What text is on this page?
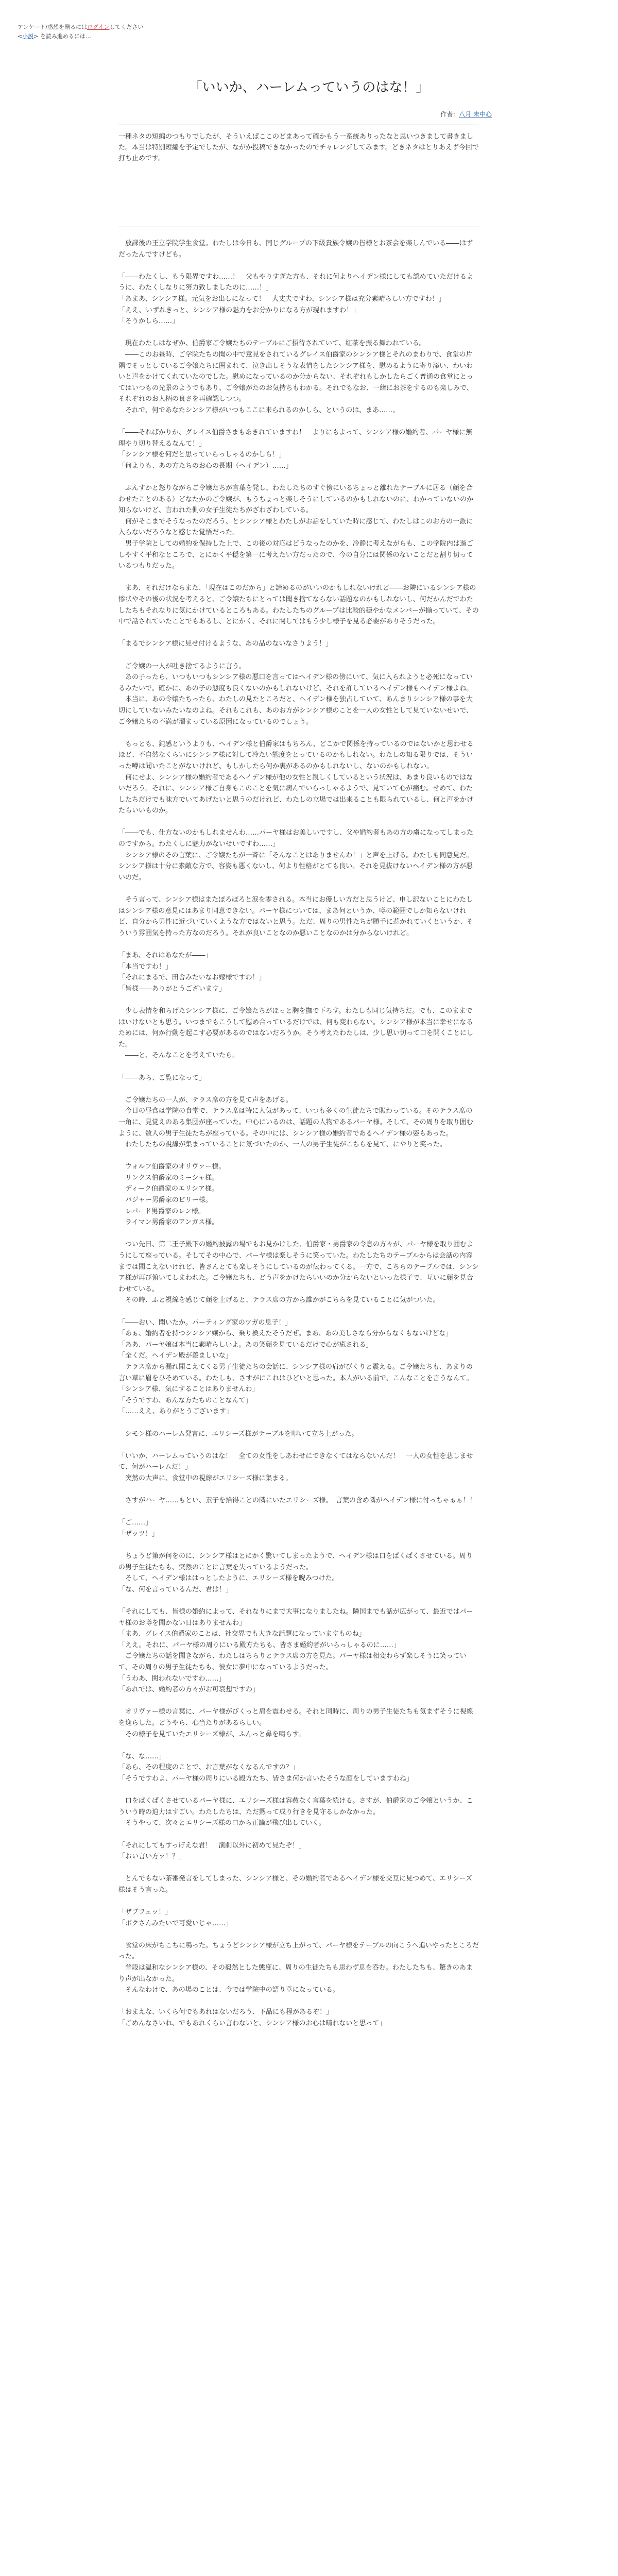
アンケート/感想を贈るにはログインしてください
<小説> を読み進めるには…
「いいか、ハーレムっていうのはな！」
作者：八月 未中心

一種ネタの短編のつもりでしたが、そういえばここのどまあって確かもう一系統ありったなと思いつきまして書きました。本当は特別短編を予定でしたが、ながか投稿できなかったのでチャレンジしてみます。どきネタはとりあえず今回で打ち止めです。

　放課後の王立学院学生食堂。わたしは今日も、同じグループの下級貴族令嬢の皆様とお茶会を楽しんでいる――はずだったんですけども。

「――わたくし、もう限界ですわ……！　父もやりすぎた方も、それに何よりヘイデン様にしても認めていただけるように、わたくしなりに努力致しましたのに……！」
「あまあ、シンシア様。元気をお出しになって！　大丈夫ですわ、シンシア様は充分素晴らしい方ですわ！」
「ええ、いずれきっと、シンシア様の魅力をお分かりになる方が現れますわ！」
「そうかしら……」

　現在わたしはなぜか、伯爵家ご令嬢たちのテーブルにご招待されていて、紅茶を振る舞われている。
　――このお昼時、ご学院たちの聞の中で意見をされているグレイス伯爵家のシンシア様とそれのまわりで、食堂の片隅でそっとしているご令嬢たちに囲まれて、泣き出しそうな表情をしたシンシア様を、慰めるように寄り添い、わいわいと声をかけてくれていたのでした。慰めになっているのか分からない、それぞれもしかしたらごく普通の食堂にとってはいつもの光景のようでもあり、ご令嬢がたのお気持ちもわかる。それでもなお、一緒にお茶をするのも楽しみで、それぞれのお人柄の良さを再確認しつつ。
　それで、何であなたシンシア様がいつもここに来られるのかしら、というのは、まあ……。

「――そればかりか、グレイス伯爵さまもあきれていますわ！　よりにもよって、シンシア様の婚約者、パーヤ様に無理やり切り替えるなんて！」
「シンシア様を何だと思っていらっしゃるのかしら！」
「何よりも、あの方たちのお心の長期（ヘイデン）……」

　ぷんすかと怒りながらご令嬢たちが言葉を発し、わたしたちのすぐ傍にいるちょっと離れたテーブルに居る（顔を合わせたことのある）どなたかのご令嬢が、もうちょっと楽しそうにしているのかもしれないのに、わかっていないのか知らないけど、言われた側の女子生徒たちがざわざわしている。
　何がそこまでそうなったのだろう、とシンシア様とわたしがお話をしていた時に感じて、わたしはこのお方の一派に入らないだろうなと感じた覚悟だった。
　男子学院としての婚約を保持した上で、この後の対応はどうなったのかを、冷静に考えながらも、この学院内は過ごしやすく平和なところで、とにかく平穏を第一に考えたい方だったので、今の自分には関係のないことだと割り切っているつもりだった。

　まあ、それだけならまた、「現在はこのだから」と諦めるのがいいのかもしれないけれど――お隣にいるシンシア様の惨状やその後の状況を考えると、ご令嬢たちにとっては聞き捨てならない話題なのかもしれないし、何だかんだでわたしたちもそれなりに気にかけているところもある。わたしたちのグループは比較的穏やかなメンバーが揃っていて、その中で話されていたことでもあるし、とにかく、それに関してはもう少し様子を見る必要がありそうだった。

「まるでシンシア様に見せ付けるような、あの品のないなさりよう！」

　ご令嬢の一人が吐き捨てるように言う。
　あの子ったら、いつもいつもシンシア様の悪口を言ってはヘイデン様の傍にいて、気に入られようと必死になっているみたいで。確かに、あの子の態度も良くないのかもしれないけど、それを許しているヘイデン様もヘイデン様よね。
　本当に、あの令嬢たちったら、わたしの見たところだと、ヘイデン様を独占していて、あんまりシンシア様の事を大切にしていないみたいなのよね。それもこれも、あのお方がシンシア様のことを一人の女性として見ていないせいで、ご令嬢たちの不満が溜まっている原因になっているのでしょう。

　もっとも、鈍感というよりも、ヘイデン様と伯爵家はもちろん、どこかで関係を持っているのではないかと思わせるほど、不自然なくらいにシンシア様に対して冷たい態度をとっているのかもしれない。わたしの知る限りでは、そういった噂は聞いたことがないけれど、もしかしたら何か裏があるのかもしれないし、ないのかもしれない。
　何にせよ、シンシア様の婚約者であるヘイデン様が他の女性と親しくしているという状況は、あまり良いものではないだろう。それに、シンシア様ご自身もこのことを気に病んでいらっしゃるようで、見ていて心が痛む。せめて、わたしたちだけでも味方でいてあげたいと思うのだけれど、わたしの立場では出来ることも限られているし、何と声をかけたらいいものか。

「――でも、仕方ないのかもしれませんわ……パーヤ様はお美しいですし、父や婚約者もあの方の虜になってしまったのですから。わたくしに魅力がないせいですわ……」
　シンシア様のその言葉に、ご令嬢たちが一斉に「そんなことはありませんわ！」と声を上げる。わたしも同意見だ。シンシア様は十分に素敵な方で、容姿も悪くないし、何より性格がとても良い。それを見抜けないヘイデン様の方が悪いのだ。

　そう言って、シンシア様はまたぽろぽろと涙を零される。本当にお優しい方だと思うけど、申し訳ないことにわたしはシンシア様の意見にはあまり同意できない。パーヤ様については、まあ何というか、噂の範囲でしか知らないけれど、自分から男性に近づいていくような方ではないと思う。ただ、周りの男性たちが勝手に惹かれていくというか、そういう雰囲気を持った方なのだろう。それが良いことなのか悪いことなのかは分からないけれど。

「まあ、それはあなたが――」
「本当ですわ！」
「それにまるで、田舎みたいなお嫁様ですわ！」
「皆様――ありがとうございます」

　少し表情を和らげたシンシア様に、ご令嬢たちがほっと胸を撫で下ろす。わたしも同じ気持ちだ。でも、このままではいけないとも思う。いつまでもこうして慰め合っているだけでは、何も変わらない。シンシア様が本当に幸せになるためには、何か行動を起こす必要があるのではないだろうか。そう考えたわたしは、少し思い切って口を開くことにした。
　――と、そんなことを考えていたら。

「――あら、ご覧になって」

　ご令嬢たちの一人が、テラス席の方を見て声をあげる。
　今日の昼食は学院の食堂で、テラス席は特に人気があって、いつも多くの生徒たちで賑わっている。そのテラス席の一角に、見覚えのある集団が座っていた。中心にいるのは、話題の人物であるパーヤ様。そして、その周りを取り囲むように、数人の男子生徒たちが座っている。その中には、シンシア様の婚約者であるヘイデン様の姿もあった。
　わたしたちの視線が集まっていることに気づいたのか、一人の男子生徒がこちらを見て、にやりと笑った。

　ウォルフ伯爵家のオリヴァー様。
　リンクス伯爵家のミーシャ様。
　ディーク伯爵家のエリシア様。
　バジャー男爵家のビリー様。
　レパード男爵家のレン様。
　ライマン男爵家のアンガス様。

　つい先日、第二王子殿下の婚約披露の場でもお見かけした、伯爵家・男爵家の令息の方々が、パーヤ様を取り囲むようにして座っている。そしてその中心で、パーヤ様は楽しそうに笑っていた。わたしたちのテーブルからは会話の内容までは聞こえないけれど、皆さんとても楽しそうにしているのが伝わってくる。一方で、こちらのテーブルでは、シンシア様が再び俯いてしまわれた。ご令嬢たちも、どう声をかけたらいいのか分からないといった様子で、互いに顔を見合わせている。
　その時、ふと視線を感じて顔を上げると、テラス席の方から誰かがこちらを見ていることに気がついた。

「――おい、聞いたか。パーティング家のツガの息子！」
「あぁ、婚約者を持つシンシア嬢から、乗り換えたそうだぜ。まあ、あの美しさなら分からなくもないけどな」
「ああ、パーヤ嬢は本当に素晴らしいよ。あの笑顔を見ているだけで心が癒される」
「全くだ。ヘイデン殿が羨ましいな」
　テラス席から漏れ聞こえてくる男子生徒たちの会話に、シンシア様の肩がびくりと震える。ご令嬢たちも、あまりの言い草に眉をひそめている。わたしも、さすがにこれはひどいと思った。本人がいる前で、こんなことを言うなんて。
「シンシア様、気にすることはありませんわ」
「そうですわ、あんな方たちのことなんて」
「……ええ、ありがとうございます」

　シモン様のハーレム発言に、エリシーズ様がテーブルを叩いて立ち上がった。

「いいか、ハーレムっていうのはな！　全ての女性をしあわせにできなくてはならないんだ！　一人の女性を悲しませて、何がハーレムだ！」
　突然の大声に、食堂中の視線がエリシーズ様に集まる。

　さすがハーヤ……もとい、素子を拾得ことの隣にいたエリシーズ様。　言葉の含め隣がヘイデン様に付っちゃぁぁ！！

「ご……」
「ザッツ！」

　ちょうど第が何をのに、シンシア様はとにかく驚いてしまったようで、ヘイデン様は口をぱくぱくさせている。周りの男子生徒たちも、突然のことに言葉を失っているようだった。
　そして、ヘイデン様ははっとしたように、エリシーズ様を睨みつけた。
「な、何を言っているんだ、君は！」

「それにしても、皆様の婚約によって、それなりにまで大事になりましたね。隣国までも話が広がって、最近ではパーヤ様のお噂を聞かない日はありませんわ」
「まあ、グレイス伯爵家のことは、社交界でも大きな話題になっていますものね」
「ええ。それに、パーヤ様の周りにいる殿方たちも、皆さま婚約者がいらっしゃるのに……」
　ご令嬢たちの話を聞きながら、わたしはちらりとテラス席の方を見た。パーヤ様は相変わらず楽しそうに笑っていて、その周りの男子生徒たちも、彼女に夢中になっているようだった。
「うわあ、関われないですわ……」
「あれでは、婚約者の方々がお可哀想ですわ」

　オリヴァー様の言葉に、パーヤ様がびくっと肩を震わせる。それと同時に、周りの男子生徒たちも気まずそうに視線を逸らした。どうやら、心当たりがあるらしい。
　その様子を見ていたエリシーズ様が、ふんっと鼻を鳴らす。

「な、な……」
「あら、その程度のことで、お言葉がなくなるんですの？」
「そうですわよ、パーヤ様の周りにいる殿方たち、皆さま何か言いたそうな顔をしていますわね」

　口をぱくぱくさせているパーヤ様に、エリシーズ様は容赦なく言葉を続ける。さすが、伯爵家のご令嬢というか、こういう時の迫力はすごい。わたしたちは、ただ黙って成り行きを見守るしかなかった。
　そうやって、次々とエリシーズ様の口から正論が飛び出していく。

「それにしてもすっげえな君！　演劇以外に初めて見たぞ！」
「おい言い方ァ！？」

　とんでもない茶番発言をしてしまった、シンシア様と、その婚約者であるヘイデン様を交互に見つめて、エリシーズ様はそう言った。

「ザブフェッ！」
「ボクさんみたいで可愛いじゃ……」

　食堂の床がちこちに鳴った。ちょうどシンシア様が立ち上がって、パーヤ様をテーブルの向こうへ追いやったところだった。
　普段は温和なシンシア様の、その毅然とした態度に、周りの生徒たちも思わず息を呑む。わたしたちも、驚きのあまり声が出なかった。
　そんなわけで、あの場のことは、今では学院中の語り草になっている。

「おまえな、いくら何でもあれはないだろう、下品にも程があるぞ！」
「ごめんなさいね、でもあれくらい言わないと、シンシア様のお心は晴れないと思って」
